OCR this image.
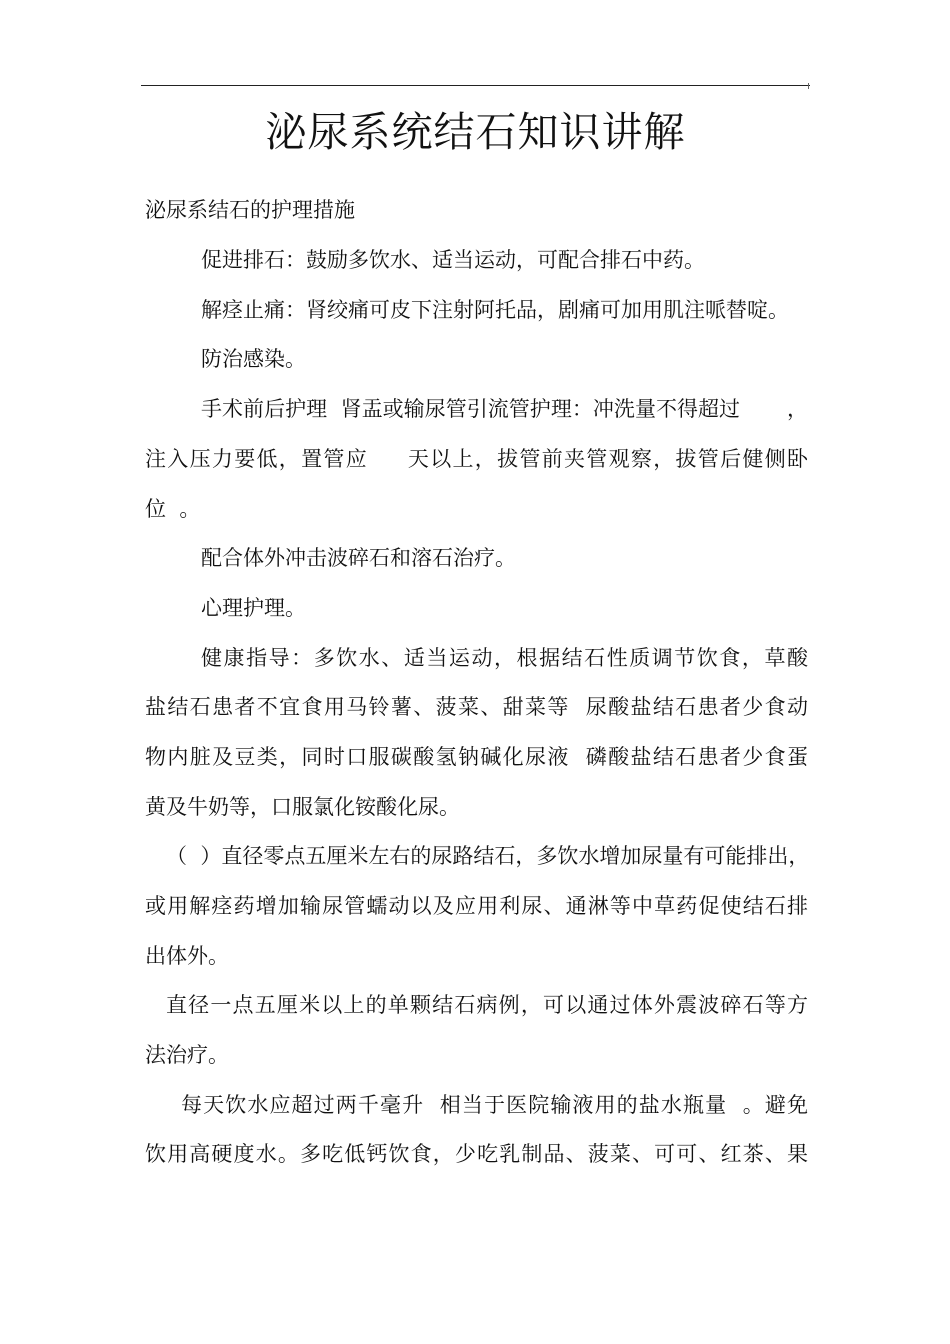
泌尿系统结石知识讲解
泌尿系结石的护理措施
促进排石：鼓励多饮水、适当运动，可配合排石中药。
解痉止痛：肾绞痛可皮下注射阿托品，剧痛可加用肌注哌替啶。
防治感染。
手术前后护理  肾盂或输尿管引流管护理：冲洗量不得超过       ，
注入压力要低，置管应     天以上，拔管前夹管观察，拔管后健侧卧
位  。
配合体外冲击波碎石和溶石治疗。
心理护理。
健康指导：多饮水、适当运动，根据结石性质调节饮食，草酸
盐结石患者不宜食用马铃薯、菠菜、甜菜等  尿酸盐结石患者少食动
物内脏及豆类，同时口服碳酸氢钠碱化尿液  磷酸盐结石患者少食蛋
黄及牛奶等，口服氯化铵酸化尿。
（  ）直径零点五厘米左右的尿路结石，多饮水增加尿量有可能排出，
或用解痉药增加输尿管蠕动以及应用利尿、通淋等中草药促使结石排
出体外。
直径一点五厘米以上的单颗结石病例，可以通过体外震波碎石等方
法治疗。
每天饮水应超过两千毫升  相当于医院输液用的盐水瓶量  。避免
饮用高硬度水。多吃低钙饮食，少吃乳制品、菠菜、可可、红茶、果
